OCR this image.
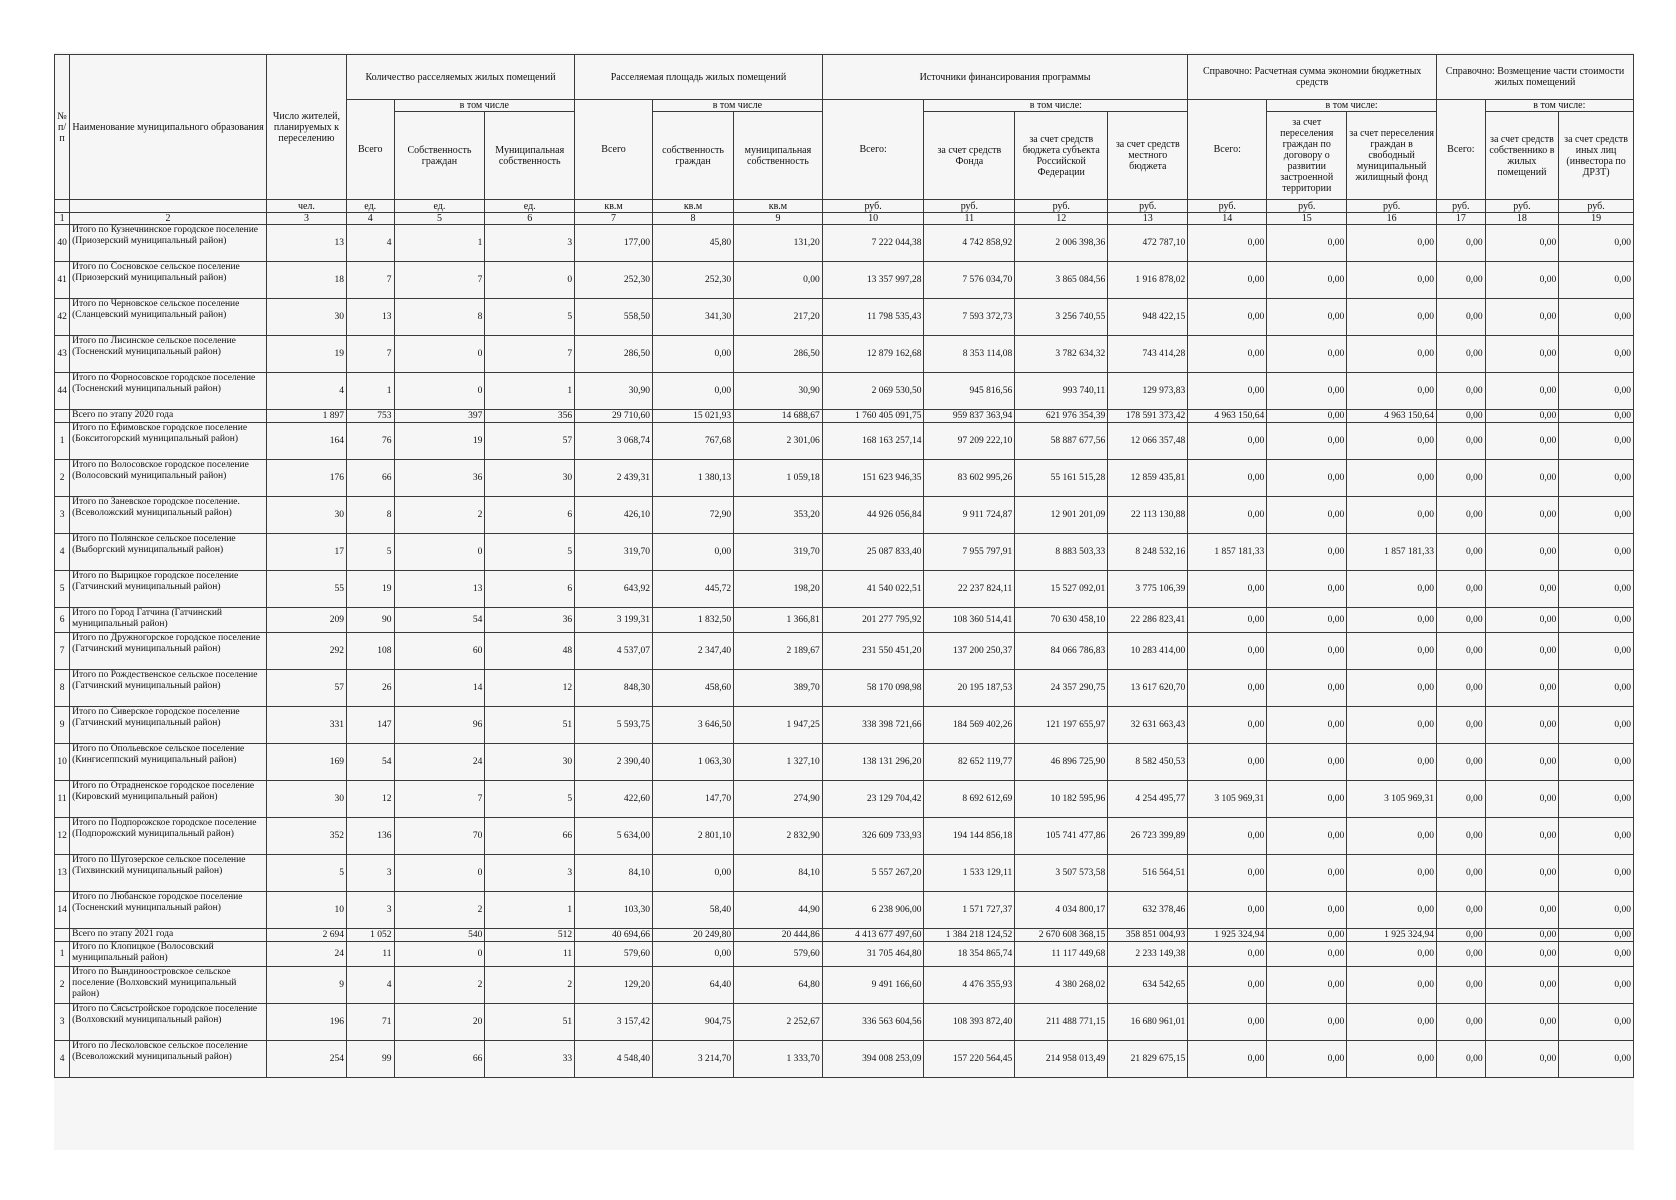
№ п/ п	Наименование муниципального образования	Число жителей, планируемых к переселению	Количество расселяемых жилых помещений			Расселяемая площадь жилых помещений			Источники финансирования программы				Справочно: Расчетная сумма экономии бюджетных средств			Справочно: Возмещение части стоимости жилых помещений		
			Всего	в том числе		Всего	в том числе		Всего:	в том числе:			Всего:	в том числе:		Всего:	в том числе:	
				Собственность граждан	Муниципальная собственность		собственность граждан	муниципальная собственность		за счет средств Фонда	за счет средств бюджета субъекта Российской Федерации	за счет средств местного бюджета		за счет переселения граждан по договору о развитии застроенной территории	за счет переселения граждан в свободный муниципальный жилищный фонд		за счет средств собственнико в жилых помещений	за счет средств иных лиц (инвестора по ДРЗТ)
		чел.	ед.	ед.	ед.	кв.м	кв.м	кв.м	руб.	руб.	руб.	руб.	руб.	руб.	руб.	руб.	руб.	руб.
1	2	3	4	5	6	7	8	9	10	11	12	13	14	15	16	17	18	19
40	Итого по Кузнечнинское городское поселение (Приозерский муниципальный район)	13	4	1	3	177,00	45,80	131,20	7 222 044,38	4 742 858,92	2 006 398,36	472 787,10	0,00	0,00	0,00	0,00	0,00	0,00
41	Итого по Сосновское сельское поселение (Приозерский муниципальный район)	18	7	7	0	252,30	252,30	0,00	13 357 997,28	7 576 034,70	3 865 084,56	1 916 878,02	0,00	0,00	0,00	0,00	0,00	0,00
42	Итого по Черновское сельское поселение (Сланцевский муниципальный район)	30	13	8	5	558,50	341,30	217,20	11 798 535,43	7 593 372,73	3 256 740,55	948 422,15	0,00	0,00	0,00	0,00	0,00	0,00
43	Итого по Лисинское сельское поселение (Тосненский муниципальный район)	19	7	0	7	286,50	0,00	286,50	12 879 162,68	8 353 114,08	3 782 634,32	743 414,28	0,00	0,00	0,00	0,00	0,00	0,00
44	Итого по Форносовское городское поселение (Тосненский муниципальный район)	4	1	0	1	30,90	0,00	30,90	2 069 530,50	945 816,56	993 740,11	129 973,83	0,00	0,00	0,00	0,00	0,00	0,00
	Всего по этапу 2020 года	1 897	753	397	356	29 710,60	15 021,93	14 688,67	1 760 405 091,75	959 837 363,94	621 976 354,39	178 591 373,42	4 963 150,64	0,00	4 963 150,64	0,00	0,00	0,00
1	Итого по Ефимовское городское поселение (Бокситогорский муниципальный район)	164	76	19	57	3 068,74	767,68	2 301,06	168 163 257,14	97 209 222,10	58 887 677,56	12 066 357,48	0,00	0,00	0,00	0,00	0,00	0,00
2	Итого по Волосовское городское поселение (Волосовский муниципальный район)	176	66	36	30	2 439,31	1 380,13	1 059,18	151 623 946,35	83 602 995,26	55 161 515,28	12 859 435,81	0,00	0,00	0,00	0,00	0,00	0,00
3	Итого по Заневское городское поселение. (Всеволожский муниципальный район)	30	8	2	6	426,10	72,90	353,20	44 926 056,84	9 911 724,87	12 901 201,09	22 113 130,88	0,00	0,00	0,00	0,00	0,00	0,00
4	Итого по Полянское сельское поселение (Выборгский муниципальный район)	17	5	0	5	319,70	0,00	319,70	25 087 833,40	7 955 797,91	8 883 503,33	8 248 532,16	1 857 181,33	0,00	1 857 181,33	0,00	0,00	0,00
5	Итого по Вырицкое городское поселение (Гатчинский муниципальный район)	55	19	13	6	643,92	445,72	198,20	41 540 022,51	22 237 824,11	15 527 092,01	3 775 106,39	0,00	0,00	0,00	0,00	0,00	0,00
6	Итого по Город Гатчина (Гатчинский муниципальный район)	209	90	54	36	3 199,31	1 832,50	1 366,81	201 277 795,92	108 360 514,41	70 630 458,10	22 286 823,41	0,00	0,00	0,00	0,00	0,00	0,00
7	Итого по Дружногорское городское поселение (Гатчинский муниципальный район)	292	108	60	48	4 537,07	2 347,40	2 189,67	231 550 451,20	137 200 250,37	84 066 786,83	10 283 414,00	0,00	0,00	0,00	0,00	0,00	0,00
8	Итого по Рождественское сельское поселение (Гатчинский муниципальный район)	57	26	14	12	848,30	458,60	389,70	58 170 098,98	20 195 187,53	24 357 290,75	13 617 620,70	0,00	0,00	0,00	0,00	0,00	0,00
9	Итого по Сиверское городское поселение (Гатчинский муниципальный район)	331	147	96	51	5 593,75	3 646,50	1 947,25	338 398 721,66	184 569 402,26	121 197 655,97	32 631 663,43	0,00	0,00	0,00	0,00	0,00	0,00
10	Итого по Опольевское сельское поселение (Кингисеппский муниципальный район)	169	54	24	30	2 390,40	1 063,30	1 327,10	138 131 296,20	82 652 119,77	46 896 725,90	8 582 450,53	0,00	0,00	0,00	0,00	0,00	0,00
11	Итого по Отрадненское городское поселение (Кировский муниципальный район)	30	12	7	5	422,60	147,70	274,90	23 129 704,42	8 692 612,69	10 182 595,96	4 254 495,77	3 105 969,31	0,00	3 105 969,31	0,00	0,00	0,00
12	Итого по Подпорожское городское поселение (Подпорожский муниципальный район)	352	136	70	66	5 634,00	2 801,10	2 832,90	326 609 733,93	194 144 856,18	105 741 477,86	26 723 399,89	0,00	0,00	0,00	0,00	0,00	0,00
13	Итого по Шугозерское сельское поселение (Тихвинский муниципальный район)	5	3	0	3	84,10	0,00	84,10	5 557 267,20	1 533 129,11	3 507 573,58	516 564,51	0,00	0,00	0,00	0,00	0,00	0,00
14	Итого по Любанское городское поселение (Тосненский муниципальный район)	10	3	2	1	103,30	58,40	44,90	6 238 906,00	1 571 727,37	4 034 800,17	632 378,46	0,00	0,00	0,00	0,00	0,00	0,00
	Всего по этапу 2021 года	2 694	1 052	540	512	40 694,66	20 249,80	20 444,86	4 413 677 497,60	1 384 218 124,52	2 670 608 368,15	358 851 004,93	1 925 324,94	0,00	1 925 324,94	0,00	0,00	0,00
1	Итого по Клопицкое (Волосовский муниципальный район)	24	11	0	11	579,60	0,00	579,60	31 705 464,80	18 354 865,74	11 117 449,68	2 233 149,38	0,00	0,00	0,00	0,00	0,00	0,00
2	Итого по Вындиноостровское сельское поселение (Волховский муниципальный район)	9	4	2	2	129,20	64,40	64,80	9 491 166,60	4 476 355,93	4 380 268,02	634 542,65	0,00	0,00	0,00	0,00	0,00	0,00
3	Итого по Сясьстройское городское поселение (Волховский муниципальный район)	196	71	20	51	3 157,42	904,75	2 252,67	336 563 604,56	108 393 872,40	211 488 771,15	16 680 961,01	0,00	0,00	0,00	0,00	0,00	0,00
4	Итого по Лесколовское сельское поселение (Всеволожский муниципальный район)	254	99	66	33	4 548,40	3 214,70	1 333,70	394 008 253,09	157 220 564,45	214 958 013,49	21 829 675,15	0,00	0,00	0,00	0,00	0,00	0,00
